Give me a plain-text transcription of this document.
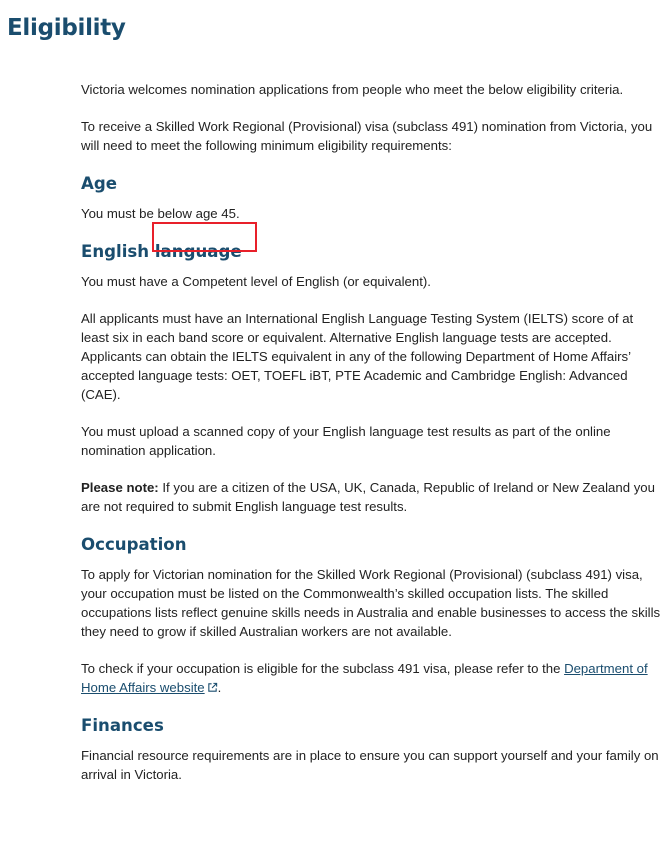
Eligibility

Victoria welcomes nomination applications from people who meet the below eligibility criteria.

To receive a Skilled Work Regional (Provisional) visa (subclass 491) nomination from Victoria, you will need to meet the following minimum eligibility requirements:

Age

You must be below age 45.

English language

You must have a Competent level of English (or equivalent).

All applicants must have an International English Language Testing System (IELTS) score of at least six in each band score or equivalent. Alternative English language tests are accepted. Applicants can obtain the IELTS equivalent in any of the following Department of Home Affairs’ accepted language tests: OET, TOEFL iBT, PTE Academic and Cambridge English: Advanced (CAE).

You must upload a scanned copy of your English language test results as part of the online nomination application.

Please note: If you are a citizen of the USA, UK, Canada, Republic of Ireland or New Zealand you are not required to submit English language test results.

Occupation

To apply for Victorian nomination for the Skilled Work Regional (Provisional) (subclass 491) visa, your occupation must be listed on the Commonwealth’s skilled occupation lists. The skilled occupations lists reflect genuine skills needs in Australia and enable businesses to access the skills they need to grow if skilled Australian workers are not available.

To check if your occupation is eligible for the subclass 491 visa, please refer to the Department of Home Affairs website .

Finances

Financial resource requirements are in place to ensure you can support yourself and your family on arrival in Victoria.
